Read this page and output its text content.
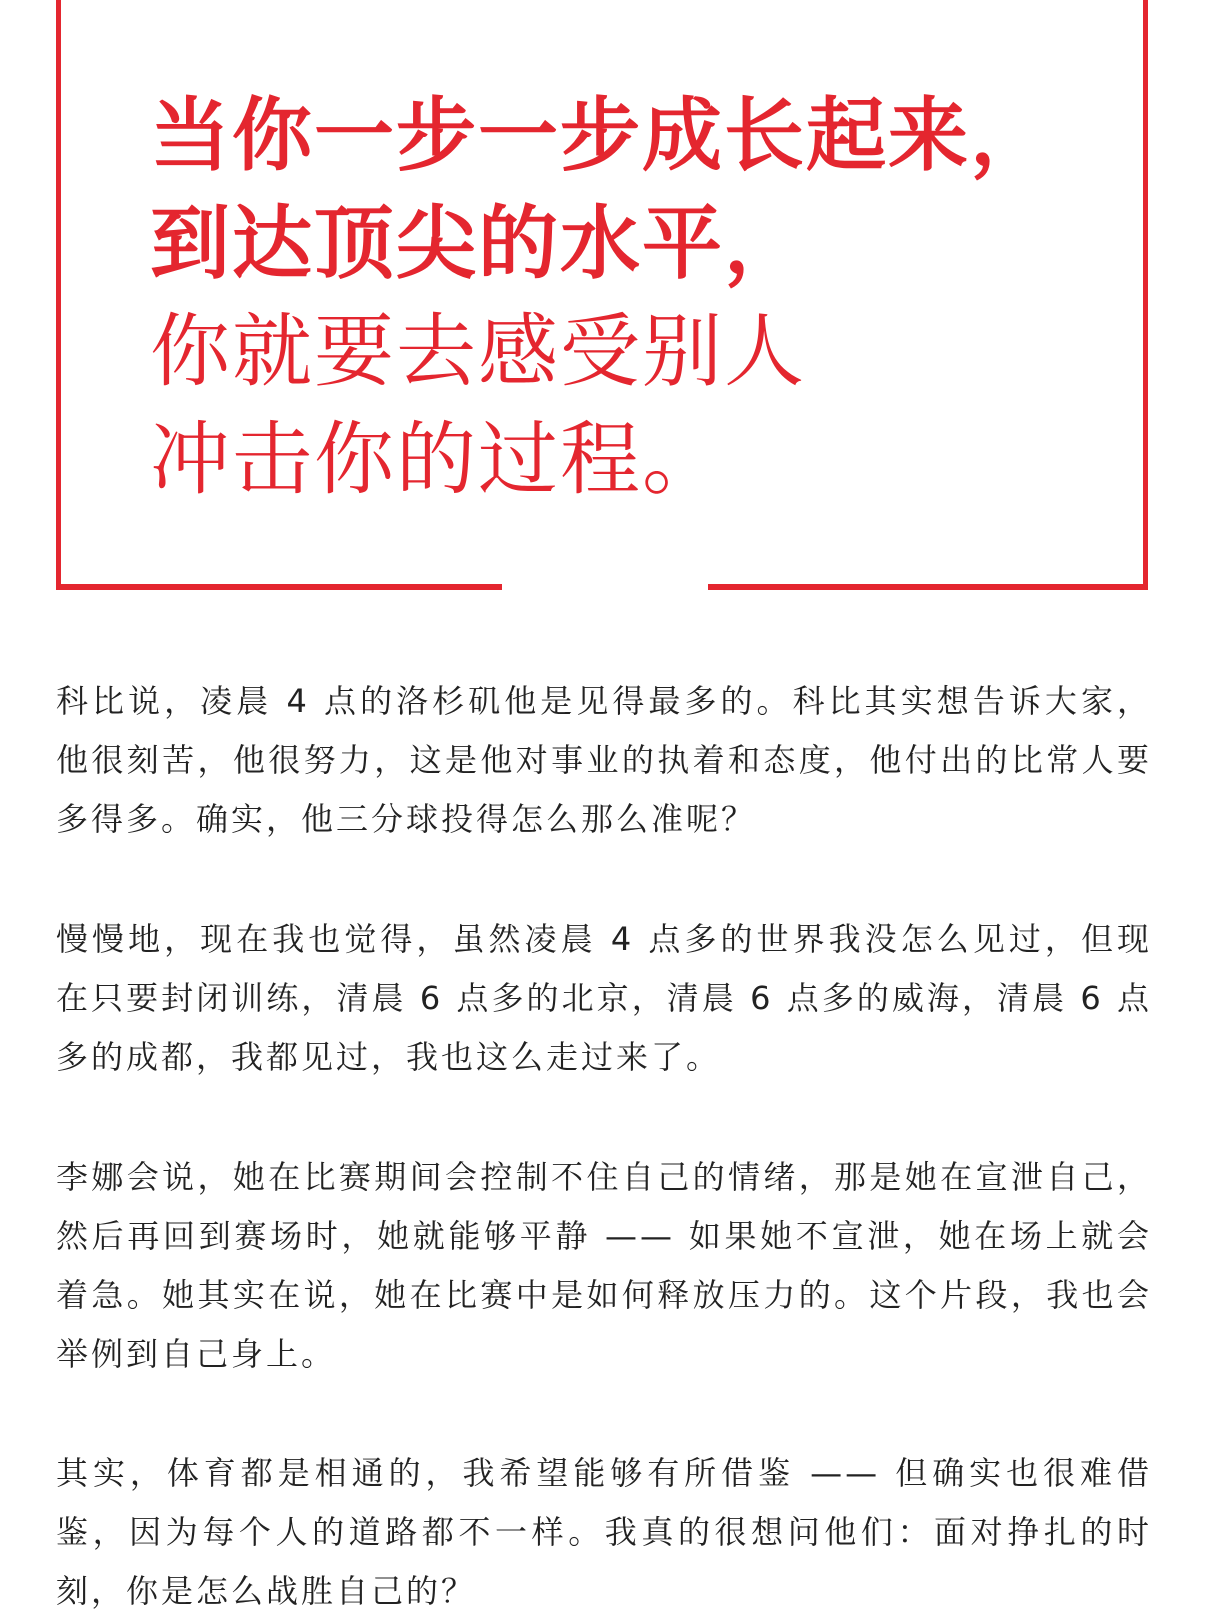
当你一步一步成长起来，

到达顶尖的水平，

你就要去感受别人

冲击你的过程。

科比说，凌晨 4 点的洛杉矶他是见得最多的。科比其实想告诉大家，他很刻苦，他很努力，这是他对事业的执着和态度，他付出的比常人要多得多。确实，他三分球投得怎么那么准呢？

慢慢地，现在我也觉得，虽然凌晨 4 点多的世界我没怎么见过，但现在只要封闭训练，清晨 6 点多的北京，清晨 6 点多的威海，清晨 6 点多的成都，我都见过，我也这么走过来了。

李娜会说，她在比赛期间会控制不住自己的情绪，那是她在宣泄自己，然后再回到赛场时，她就能够平静 —— 如果她不宣泄，她在场上就会着急。她其实在说，她在比赛中是如何释放压力的。这个片段，我也会举例到自己身上。

其实，体育都是相通的，我希望能够有所借鉴 —— 但确实也很难借鉴，因为每个人的道路都不一样。我真的很想问他们：面对挣扎的时刻，你是怎么战胜自己的？
